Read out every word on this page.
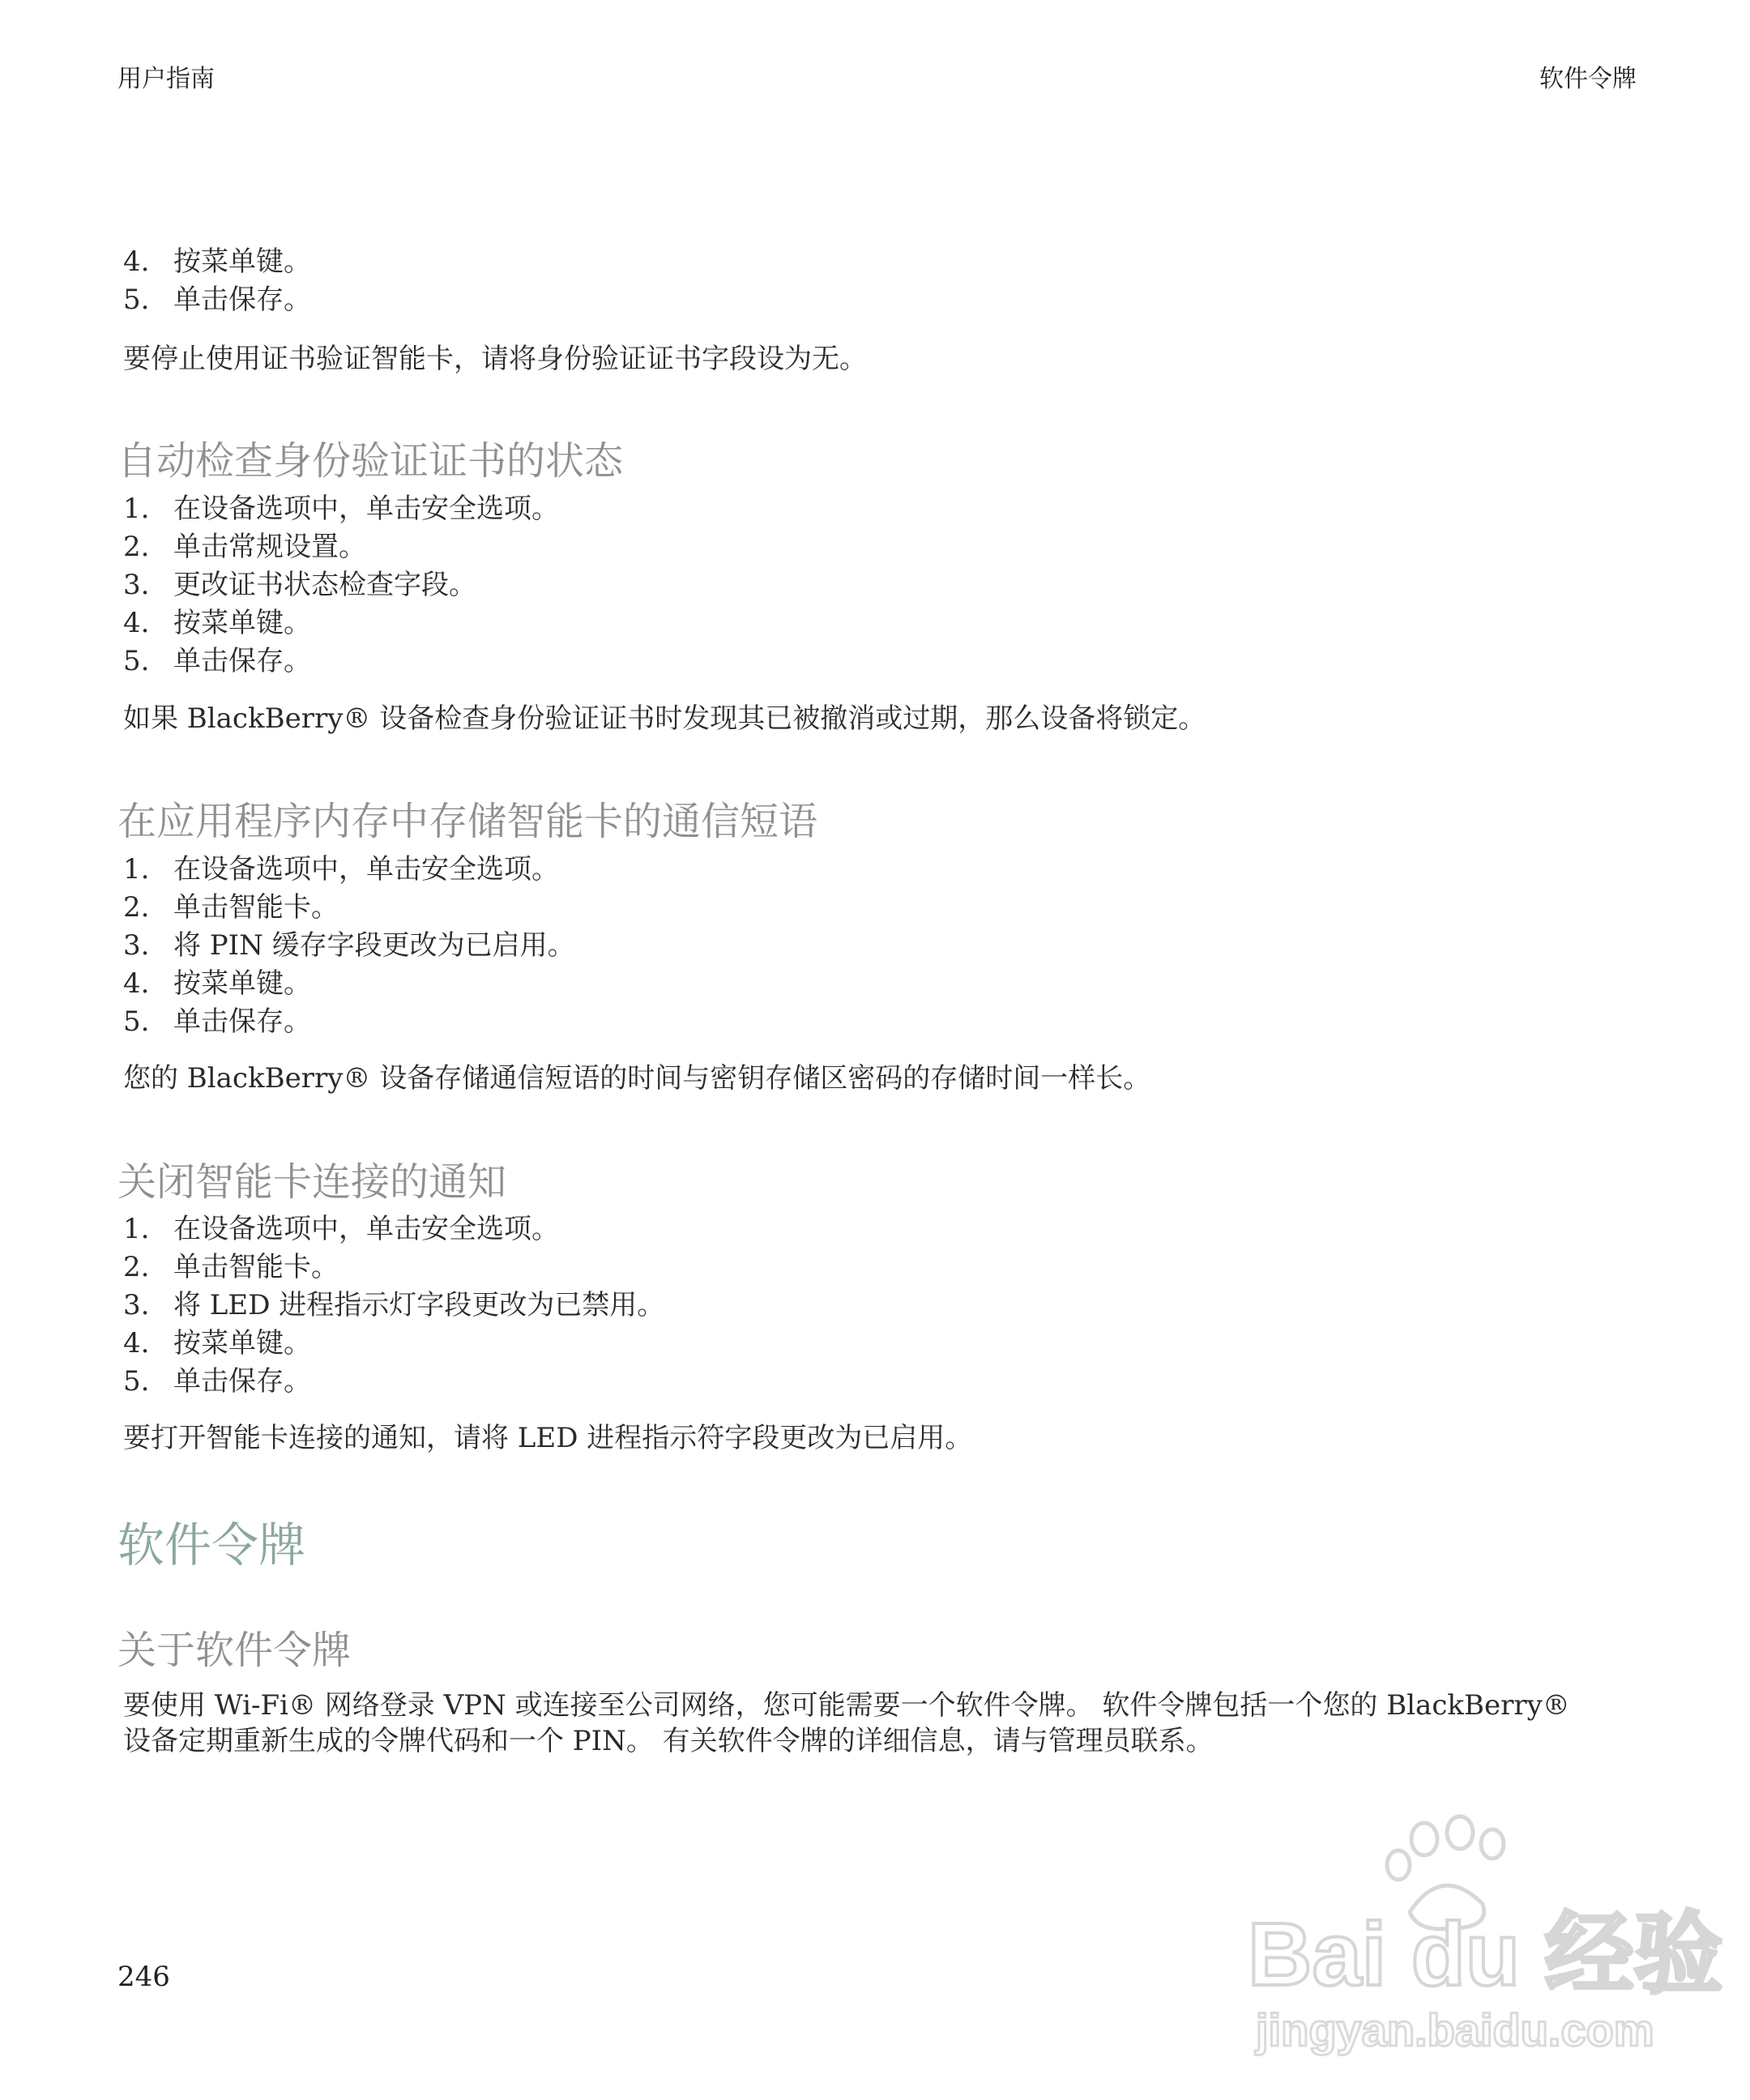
用户指南	软件令牌
4. 按菜单键。
5. 单击保存。
要停止使用证书验证智能卡，请将身份验证证书字段设为无。
自动检查身份验证证书的状态
1. 在设备选项中，单击安全选项。
2. 单击常规设置。
3. 更改证书状态检查字段。
4. 按菜单键。
5. 单击保存。
如果 BlackBerry® 设备检查身份验证证书时发现其已被撤消或过期，那么设备将锁定。
在应用程序内存中存储智能卡的通信短语
1. 在设备选项中，单击安全选项。
2. 单击智能卡。
3. 将 PIN 缓存字段更改为已启用。
4. 按菜单键。
5. 单击保存。
您的 BlackBerry® 设备存储通信短语的时间与密钥存储区密码的存储时间一样长。
关闭智能卡连接的通知
1. 在设备选项中，单击安全选项。
2. 单击智能卡。
3. 将 LED 进程指示灯字段更改为已禁用。
4. 按菜单键。
5. 单击保存。
要打开智能卡连接的通知，请将 LED 进程指示符字段更改为已启用。
软件令牌
关于软件令牌
要使用 Wi-Fi® 网络登录 VPN 或连接至公司网络，您可能需要一个软件令牌。 软件令牌包括一个您的 BlackBerry®
设备定期重新生成的令牌代码和一个 PIN。 有关软件令牌的详细信息，请与管理员联系。
246	Bai du 经验
jingyan.baidu.com
